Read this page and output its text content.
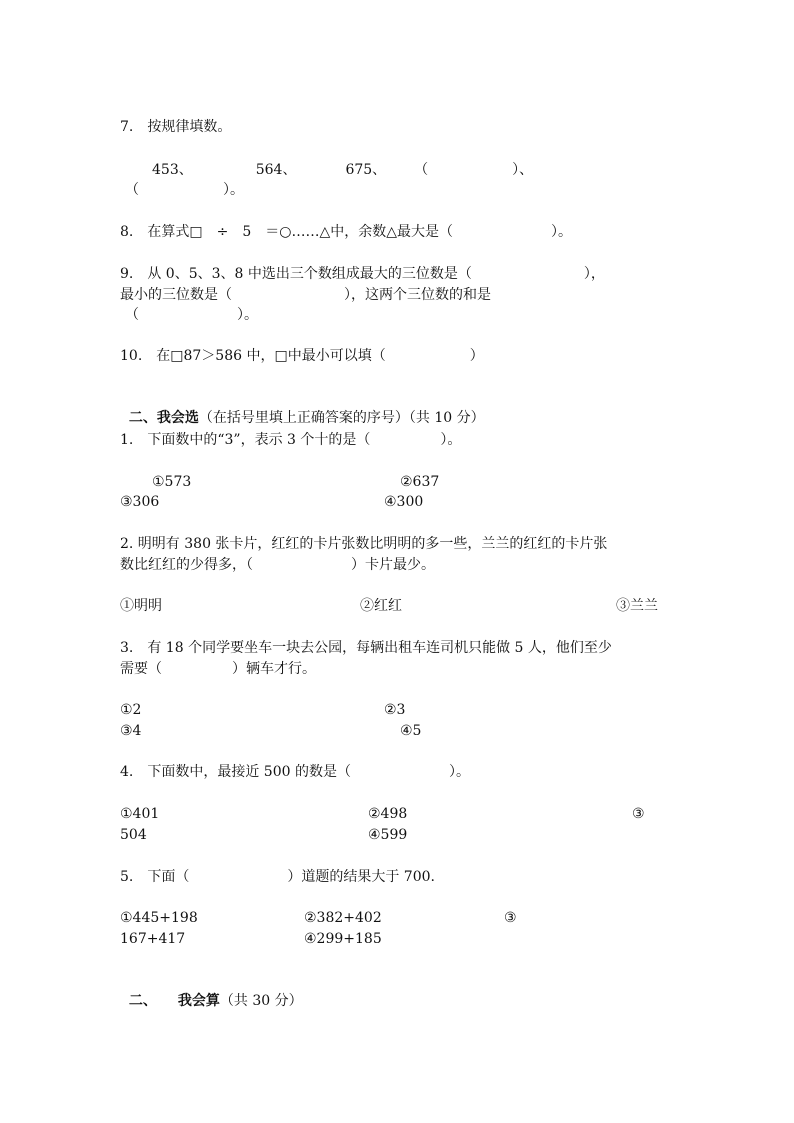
7.　按规律填数。
453、　　　　　564、　　　　675、　　　（　　　　　　）、
（　　　　　　）。
8.　在算式□　÷　5　＝○……△中，余数△最大是（　　　　　　　）。
9.　从 0、5、3、8 中选出三个数组成最大的三位数是（　　　　　　　　），
最小的三位数是（　　　　　　　　），这两个三位数的和是
（　　　　　　　）。
10.　在□87＞586 中，□中最小可以填（　　　　　　）

二、我会选（在括号里填上正确答案的序号）（共 10 分）

1.　下面数中的“3”，表示 3 个十的是（　　　　　）。
①573	②637
③306	④300
2. 明明有 380 张卡片，红红的卡片张数比明明的多一些，兰兰的红红的卡片张
数比红红的少得多，（　　　　　　　）卡片最少。
①明明	②红红	③兰兰
3.　有 18 个同学要坐车一块去公园，每辆出租车连司机只能做 5 人，他们至少
需要（　　　　　）辆车才行。
①2	②3
③4	④5
4.　下面数中，最接近 500 的数是（　　　　　　　）。
①401	②498	③
504	④599
5.　下面（　　　　　　　）道题的结果大于 700.
①445+198	②382+402	③
167+417	④299+185

二、　　我会算（共 30 分）
